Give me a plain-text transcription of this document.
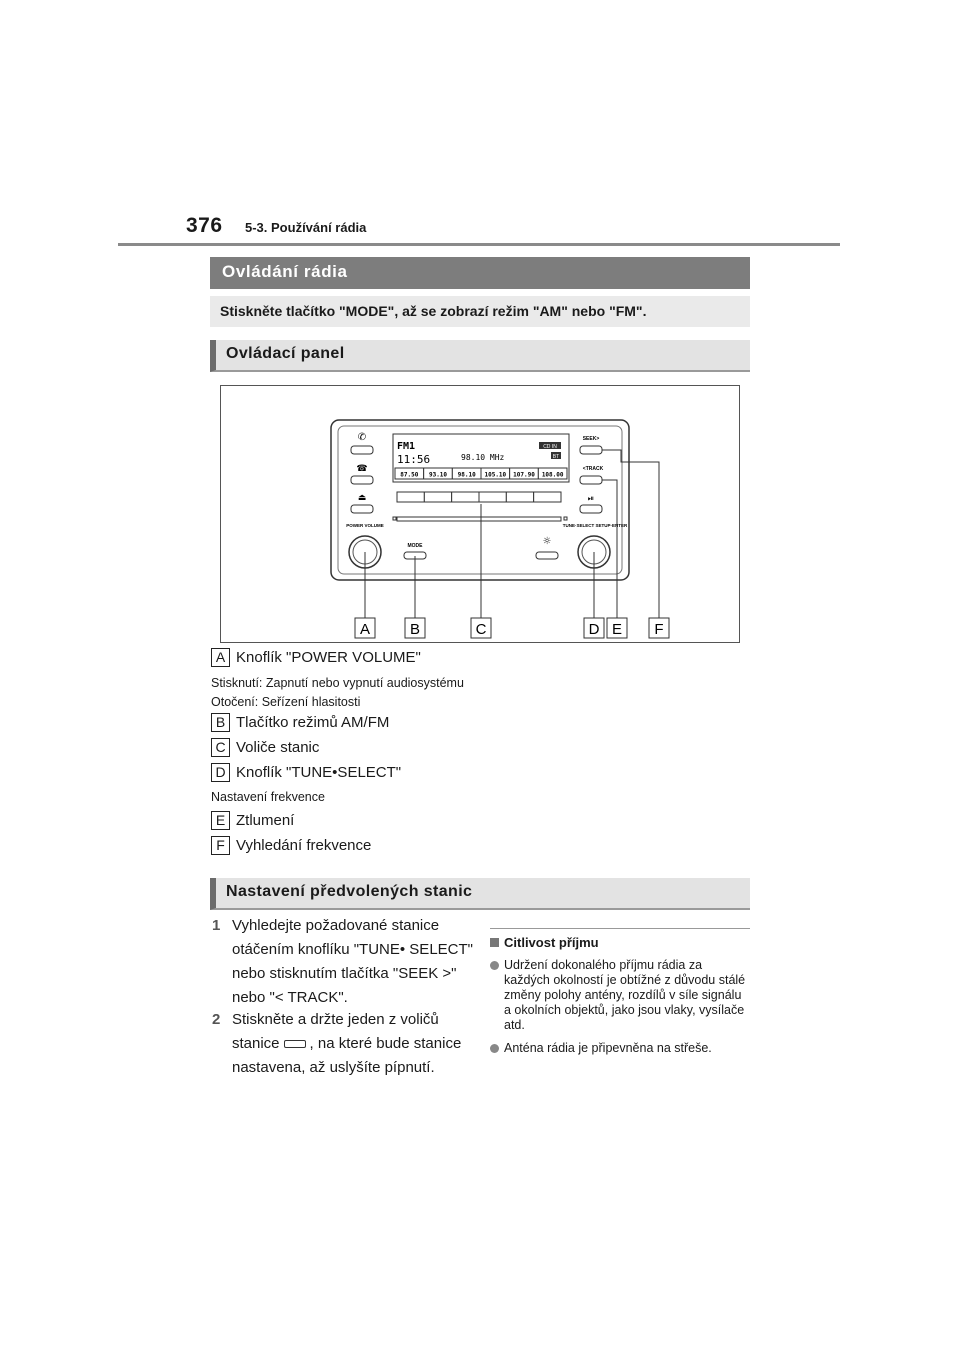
376 5-3. Používání rádia
Ovládání rádia
Stiskněte tlačítko "MODE", až se zobrazí režim "AM" nebo "FM".
Ovládací panel
✆
☎
⏏
POWER VOLUME
FM1
11:56	98.10 MHz
CD IN
BT
87.50 93.10 98.10 105.10 107.90 108.00
MODE	☼
SEEK>
<TRACK
⏯
TUNE·SELECT SETUP·ENTER
A	B	C	D E F
A Knoflík "POWER VOLUME"
Stisknutí: Zapnutí nebo vypnutí audiosystému
Otočení: Seřízení hlasitosti
B Tlačítko režimů AM/FM
C Voliče stanic
D Knoflík "TUNE•SELECT"
Nastavení frekvence
E Ztlumení
F Vyhledání frekvence
Nastavení předvolených stanic
1 Vyhledejte požadované stanice otáčením knoflíku "TUNE• SELECT" nebo stisknutím tlačítka "SEEK >" nebo "< TRACK".
2 Stiskněte a držte jeden z voličů stanice , na které bude stanice nastavena, až uslyšíte pípnutí.
Citlivost příjmu
Udržení dokonalého příjmu rádia za každých okolností je obtížné z důvodu stálé změny polohy antény, rozdílů v síle signálu a okolních objektů, jako jsou vlaky, vysílače atd.
Anténa rádia je připevněna na střeše.
